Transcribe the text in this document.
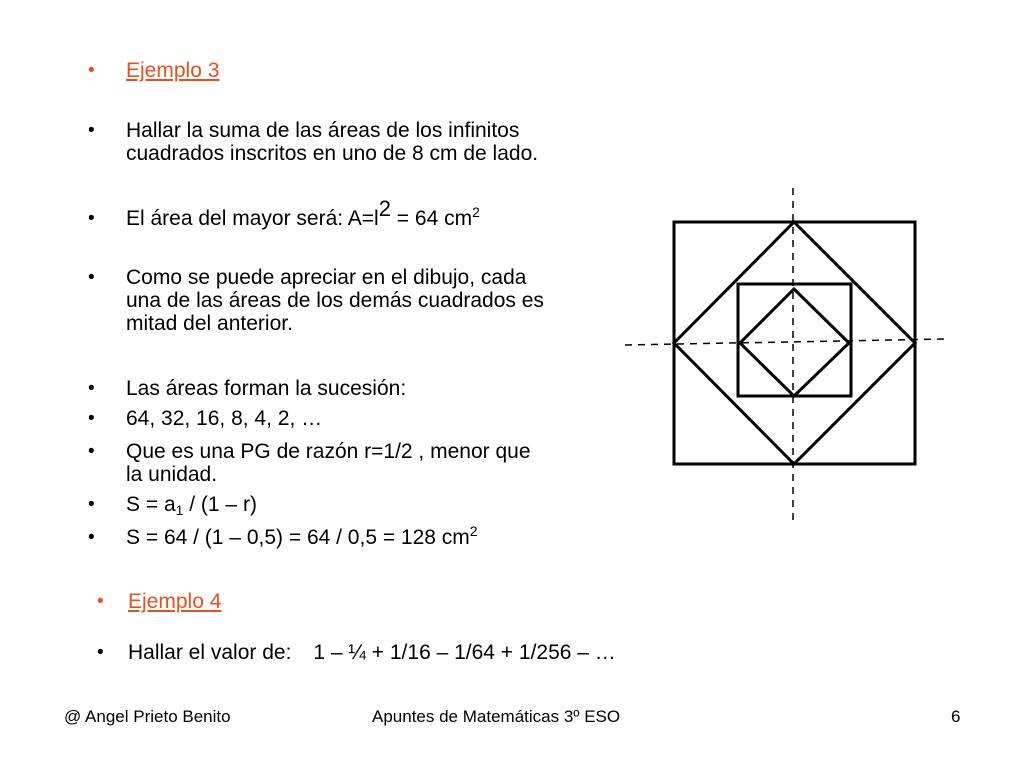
• Ejemplo 3
• Hallar la suma de las áreas de los infinitos
cuadrados inscritos en uno de 8 cm de lado.
• El área del mayor será: $A=l^2 = 64$ $cm^2$
• Como se puede apreciar en el dibujo, cada
una de las áreas de los demás cuadrados es
mitad del anterior.
• Las áreas forman la sucesión:
• 64, 32, 16, 8, 4, 2, …
• Que es una PG de razón r=1/2 , menor que
la unidad.
• $S = a_1 / (1 - r)$
• S = 64 / (1 – 0,5) = 64 / 0,5 = 128 $cm^2$
• Ejemplo 4
• Hallar el valor de: 1 – ¼ + 1/16 – 1/64 + 1/256 – …
@ Angel Prieto Benito	Apuntes de Matemáticas 3º ESO	6
